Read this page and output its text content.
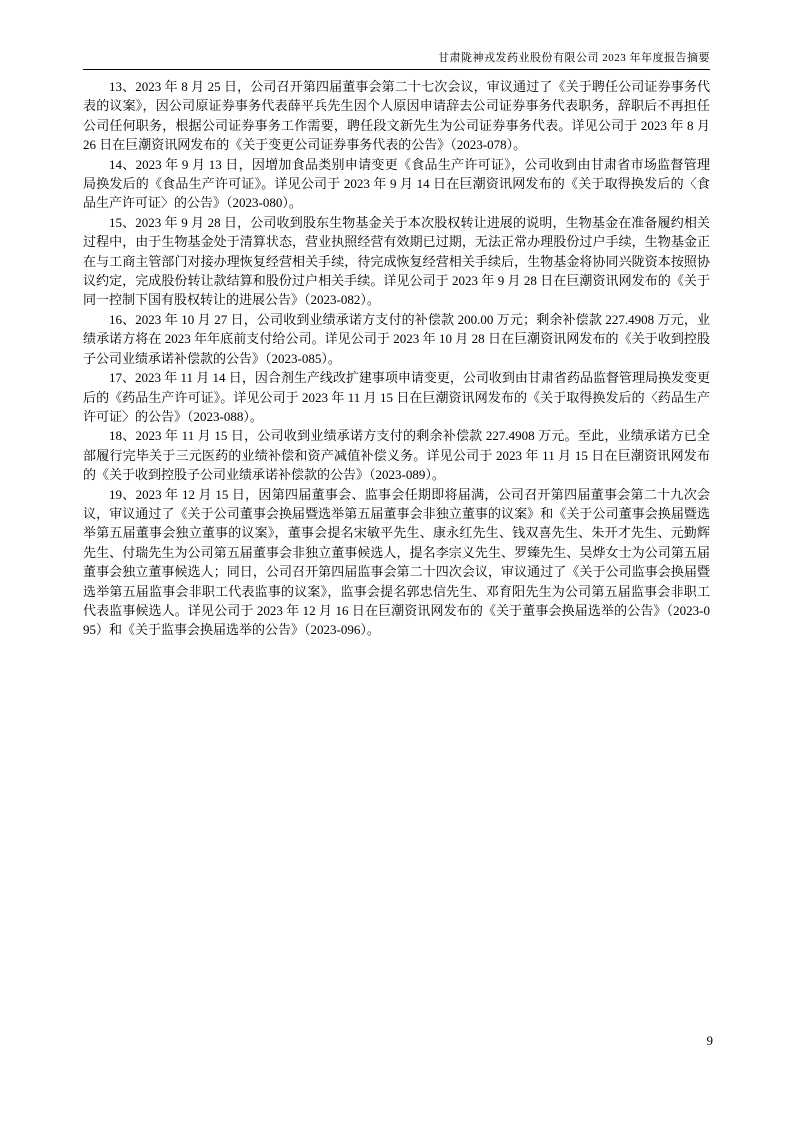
甘肃陇神戎发药业股份有限公司 2023 年年度报告摘要

13、2023 年 8 月 25 日，公司召开第四届董事会第二十七次会议，审议通过了《关于聘任公司证券事务代表的议案》，因公司原证券事务代表薛平兵先生因个人原因申请辞去公司证券事务代表职务，辞职后不再担任公司任何职务，根据公司证券事务工作需要，聘任段文新先生为公司证券事务代表。详见公司于 2023 年 8 月 26 日在巨潮资讯网发布的《关于变更公司证券事务代表的公告》（2023-078）。

14、2023 年 9 月 13 日，因增加食品类别申请变更《食品生产许可证》，公司收到由甘肃省市场监督管理局换发后的《食品生产许可证》。详见公司于 2023 年 9 月 14 日在巨潮资讯网发布的《关于取得换发后的〈食品生产许可证〉的公告》（2023-080）。

15、2023 年 9 月 28 日，公司收到股东生物基金关于本次股权转让进展的说明，生物基金在准备履约相关过程中，由于生物基金处于清算状态，营业执照经营有效期已过期，无法正常办理股份过户手续，生物基金正在与工商主管部门对接办理恢复经营相关手续，待完成恢复经营相关手续后，生物基金将协同兴陇资本按照协议约定，完成股份转让款结算和股份过户相关手续。详见公司于 2023 年 9 月 28 日在巨潮资讯网发布的《关于同一控制下国有股权转让的进展公告》（2023-082）。

16、2023 年 10 月 27 日，公司收到业绩承诺方支付的补偿款 200.00 万元；剩余补偿款 227.4908 万元，业绩承诺方将在 2023 年年底前支付给公司。详见公司于 2023 年 10 月 28 日在巨潮资讯网发布的《关于收到控股子公司业绩承诺补偿款的公告》（2023-085）。

17、2023 年 11 月 14 日，因合剂生产线改扩建事项申请变更，公司收到由甘肃省药品监督管理局换发变更后的《药品生产许可证》。详见公司于 2023 年 11 月 15 日在巨潮资讯网发布的《关于取得换发后的〈药品生产许可证〉的公告》（2023-088）。

18、2023 年 11 月 15 日，公司收到业绩承诺方支付的剩余补偿款 227.4908 万元。至此，业绩承诺方已全部履行完毕关于三元医药的业绩补偿和资产减值补偿义务。详见公司于 2023 年 11 月 15 日在巨潮资讯网发布的《关于收到控股子公司业绩承诺补偿款的公告》（2023-089）。

19、2023 年 12 月 15 日，因第四届董事会、监事会任期即将届满，公司召开第四届董事会第二十九次会议，审议通过了《关于公司董事会换届暨选举第五届董事会非独立董事的议案》和《关于公司董事会换届暨选举第五届董事会独立董事的议案》，董事会提名宋敏平先生、康永红先生、钱双喜先生、朱开才先生、元勤辉先生、付瑞先生为公司第五届董事会非独立董事候选人，提名李宗义先生、罗臻先生、吴烨女士为公司第五届董事会独立董事候选人；同日，公司召开第四届监事会第二十四次会议，审议通过了《关于公司监事会换届暨选举第五届监事会非职工代表监事的议案》，监事会提名郭忠信先生、邓育阳先生为公司第五届监事会非职工代表监事候选人。详见公司于 2023 年 12 月 16 日在巨潮资讯网发布的《关于董事会换届选举的公告》（2023-095）和《关于监事会换届选举的公告》（2023-096）。

9
